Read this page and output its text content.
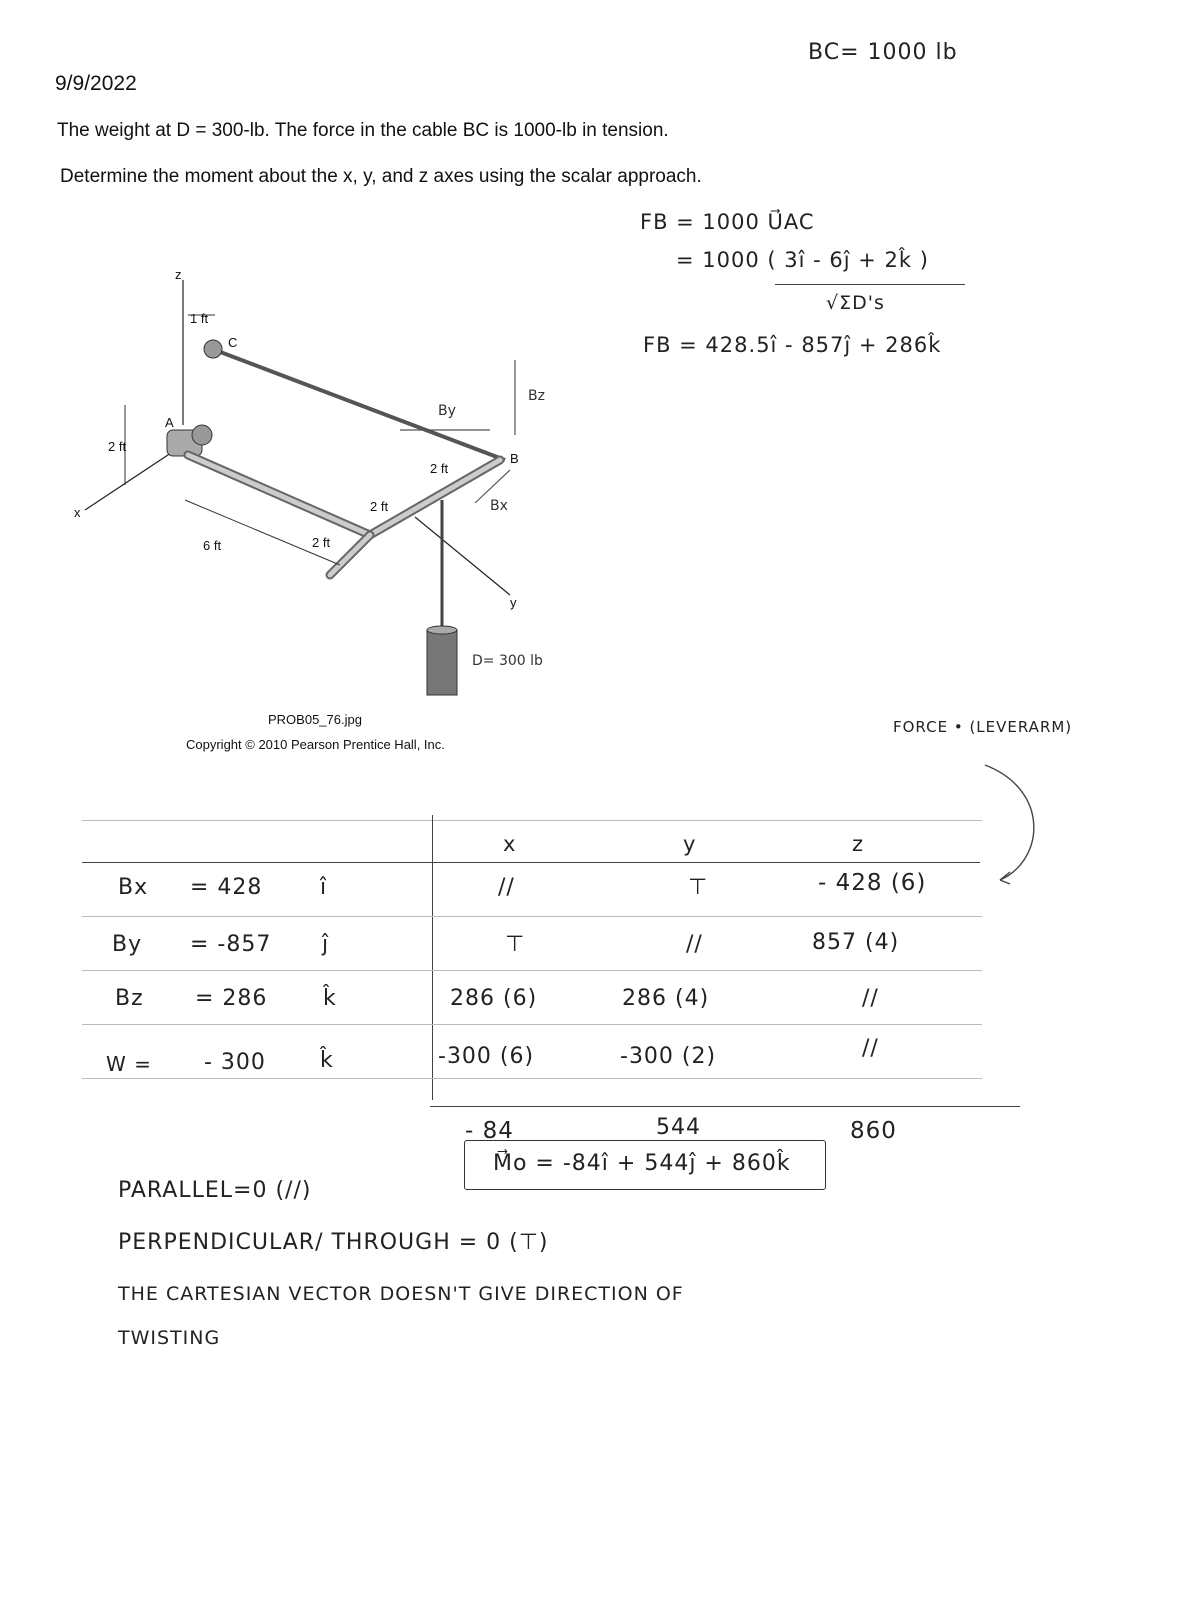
9/9/2022
BC= 1000 lb
The weight at D = 300-lb. The force in the cable BC is 1000-lb in tension.
Determine the moment about the x, y, and z axes using the scalar approach.
FB = 1000 U⃗AC
= 1000 ( 3î - 6ĵ + 2k̂ )
√ΣD's
FB = 428.5î - 857ĵ + 286k̂
z
x
y
A
B
C
1 ft
2 ft
2 ft
2 ft
2 ft
6 ft
By
Bz
Bx
D= 300 lb
PROB05_76.jpg
Copyright © 2010 Pearson Prentice Hall, Inc.
FORCE • (LEVERARM)
x	y	z
Bx = 428	î	//	⊤	- 428 (6)
By = -857 ĵ	⊤	//	857 (4)
Bz = 286	k̂	286 (6)	286 (4)	//
W = - 300 k̂	-300 (6)	-300 (2)	//
- 84	544	860
M⃗o = -84î + 544ĵ + 860k̂
PARALLEL=0 (//)
PERPENDICULAR/ THROUGH = 0 (⊤)
THE CARTESIAN VECTOR DOESN'T GIVE DIRECTION OF
TWISTING
